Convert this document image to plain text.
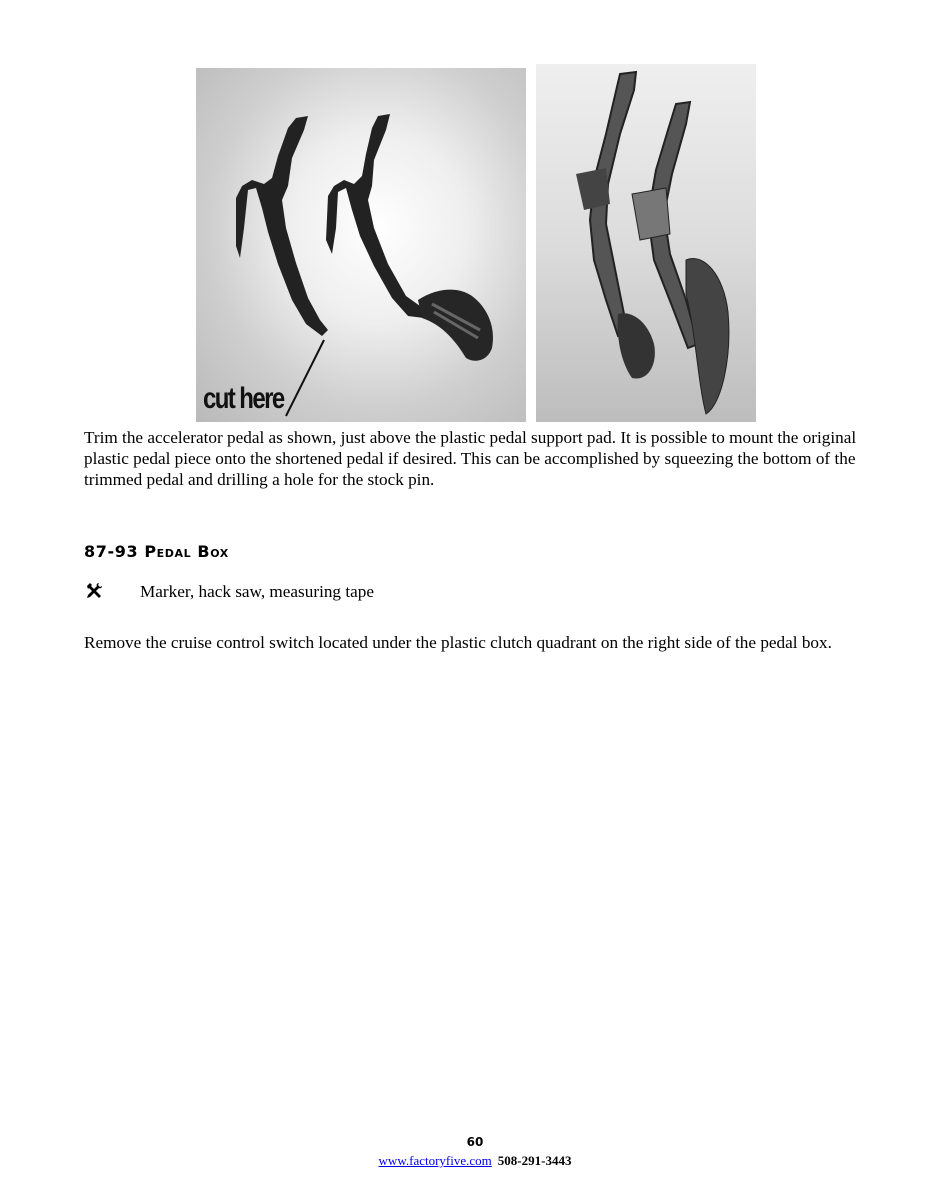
cut here

Trim the accelerator pedal as shown, just above the plastic pedal support pad. It is possible to mount the original plastic pedal piece onto the shortened pedal if desired. This can be accomplished by squeezing the bottom of the trimmed pedal and drilling a hole for the stock pin.

87-93 Pedal Box

Marker, hack saw, measuring tape

Remove the cruise control switch located under the plastic clutch quadrant on the right side of the pedal box.

60

www.factoryfive.com 508-291-3443
